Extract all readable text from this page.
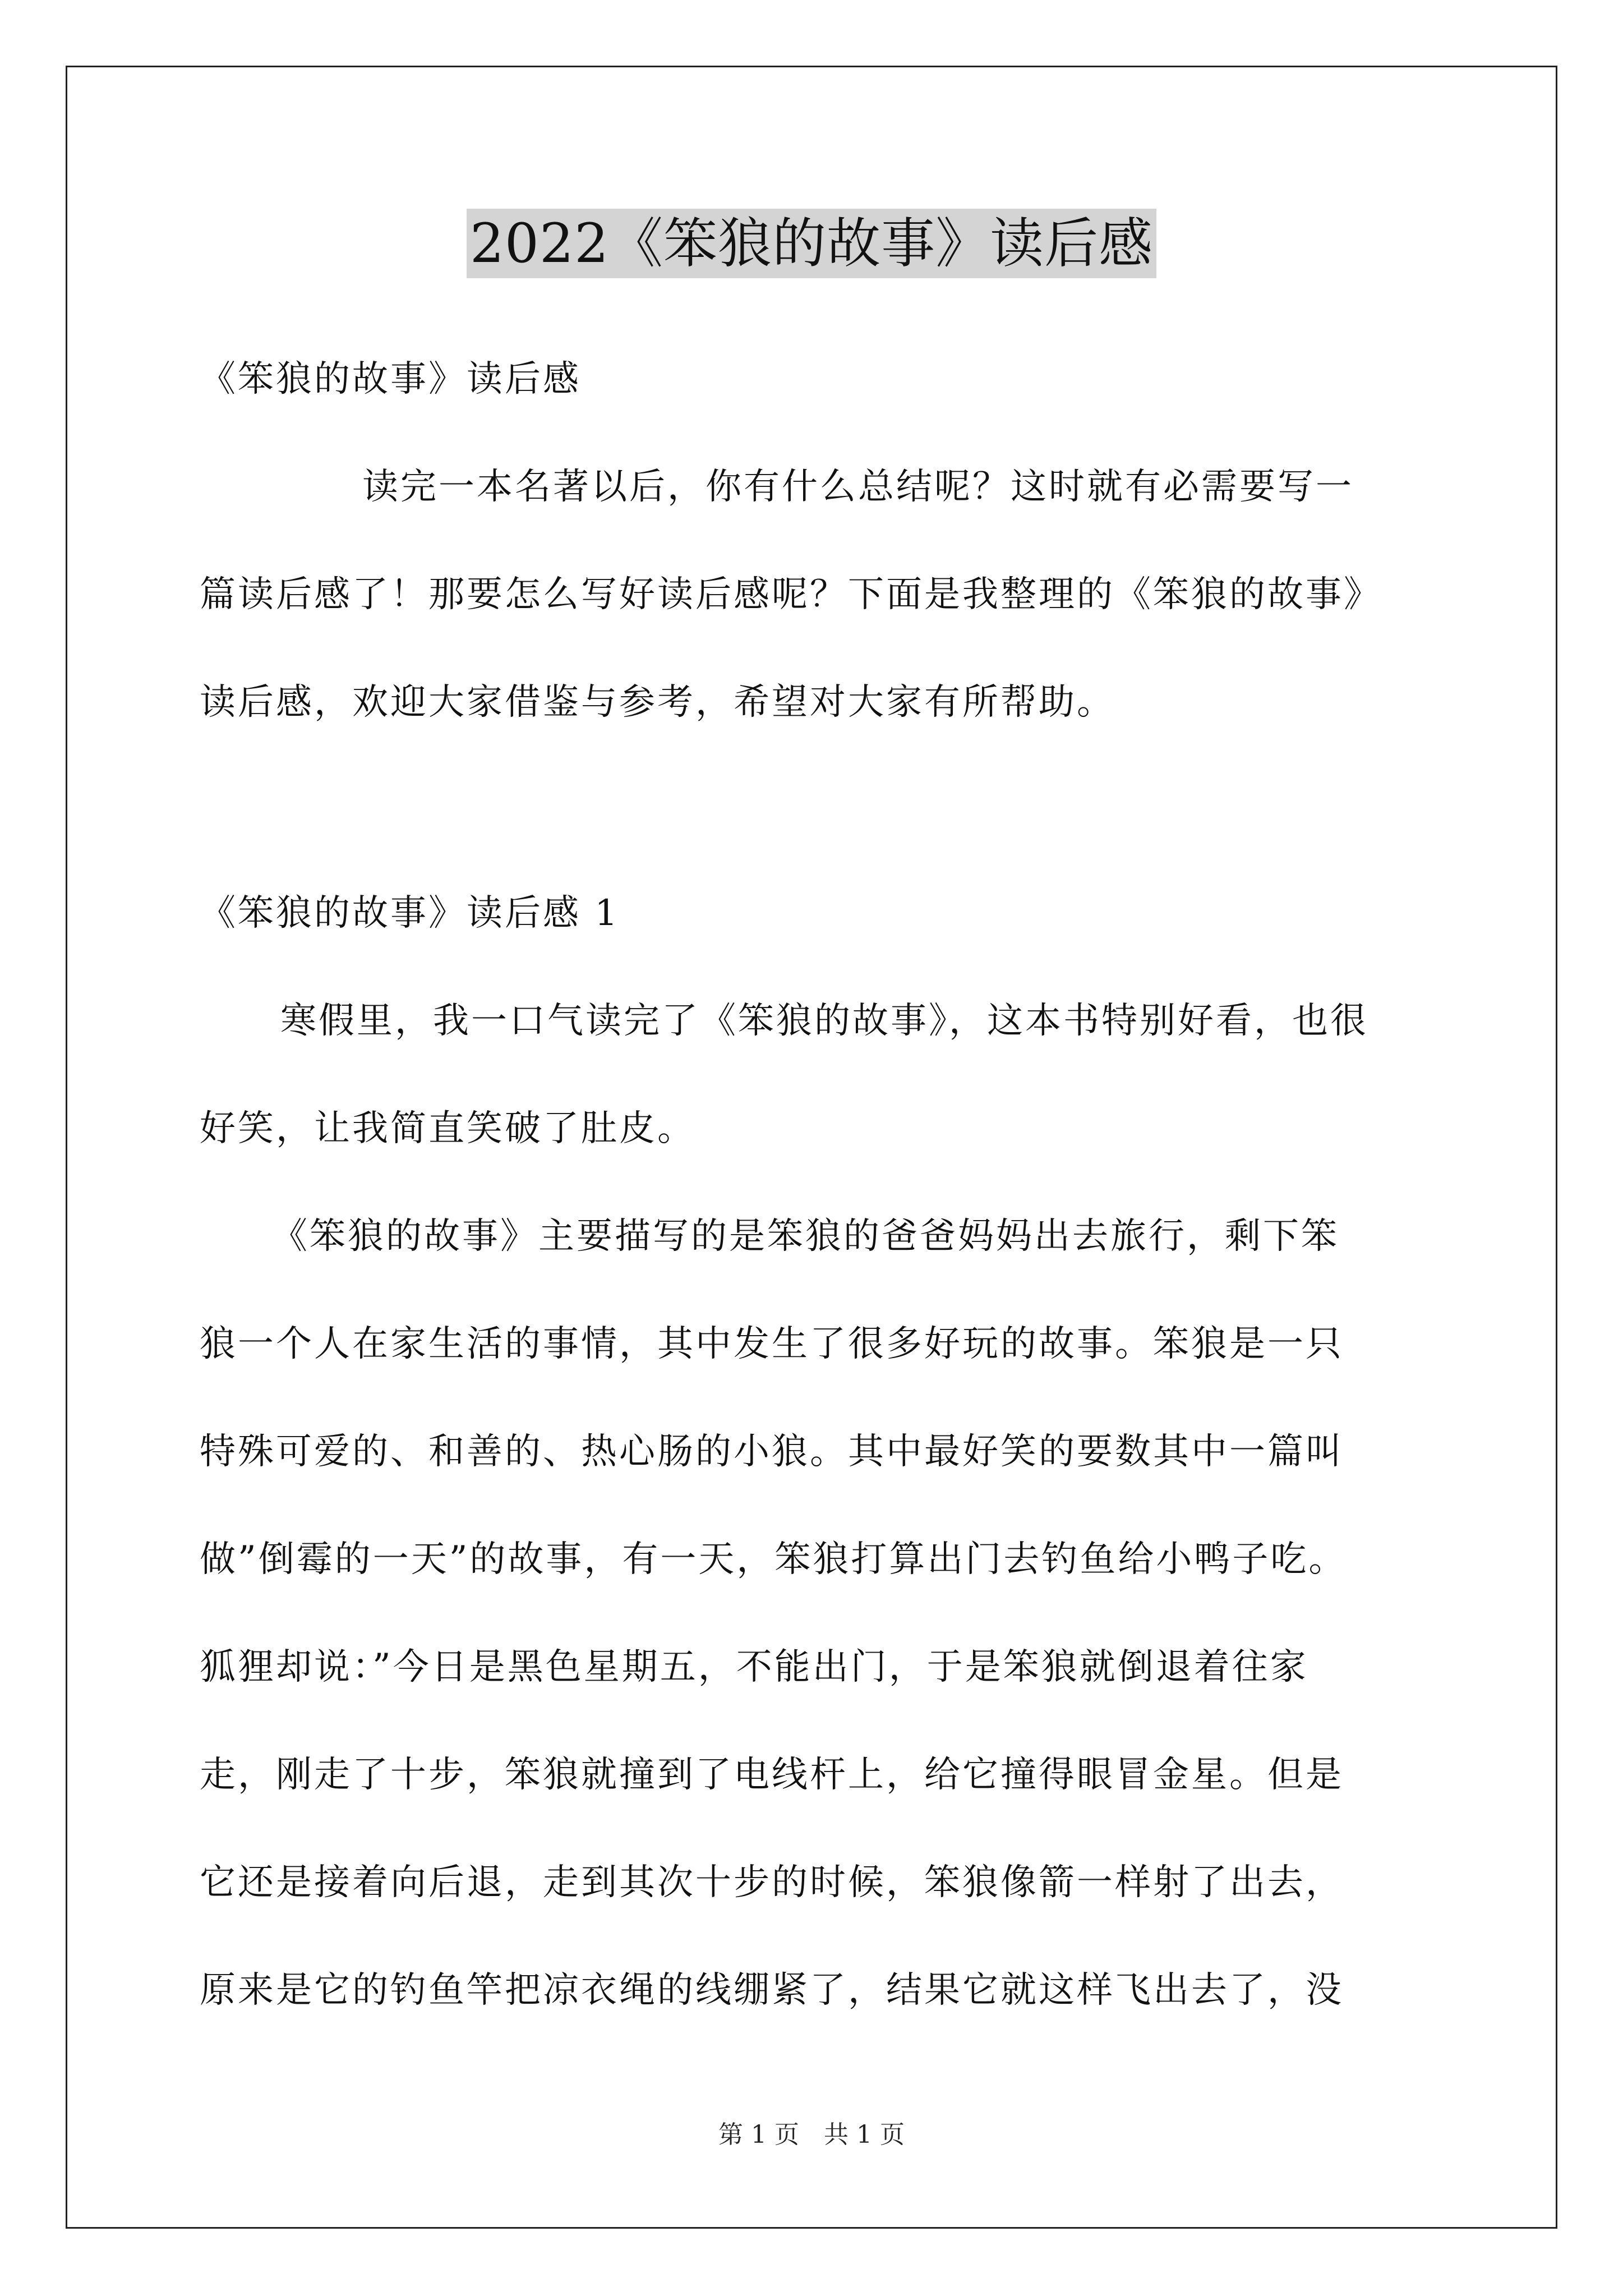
2022《笨狼的故事》读后感
《笨狼的故事》读后感
读完一本名著以后，你有什么总结呢？这时就有必需要写一
篇读后感了！那要怎么写好读后感呢？下面是我整理的《笨狼的故事》
读后感，欢迎大家借鉴与参考，希望对大家有所帮助。
《笨狼的故事》读后感 1
寒假里，我一口气读完了《笨狼的故事》，这本书特别好看，也很
好笑，让我简直笑破了肚皮。
《笨狼的故事》主要描写的是笨狼的爸爸妈妈出去旅行，剩下笨
狼一个人在家生活的事情，其中发生了很多好玩的故事。笨狼是一只
特殊可爱的、和善的、热心肠的小狼。其中最好笑的要数其中一篇叫
做”倒霉的一天”的故事，有一天，笨狼打算出门去钓鱼给小鸭子吃。
狐狸却说：”今日是黑色星期五，不能出门，于是笨狼就倒退着往家
走，刚走了十步，笨狼就撞到了电线杆上，给它撞得眼冒金星。但是
它还是接着向后退，走到其次十步的时候，笨狼像箭一样射了出去，
原来是它的钓鱼竿把凉衣绳的线绷紧了，结果它就这样飞出去了，没
第 1 页　共 1 页
